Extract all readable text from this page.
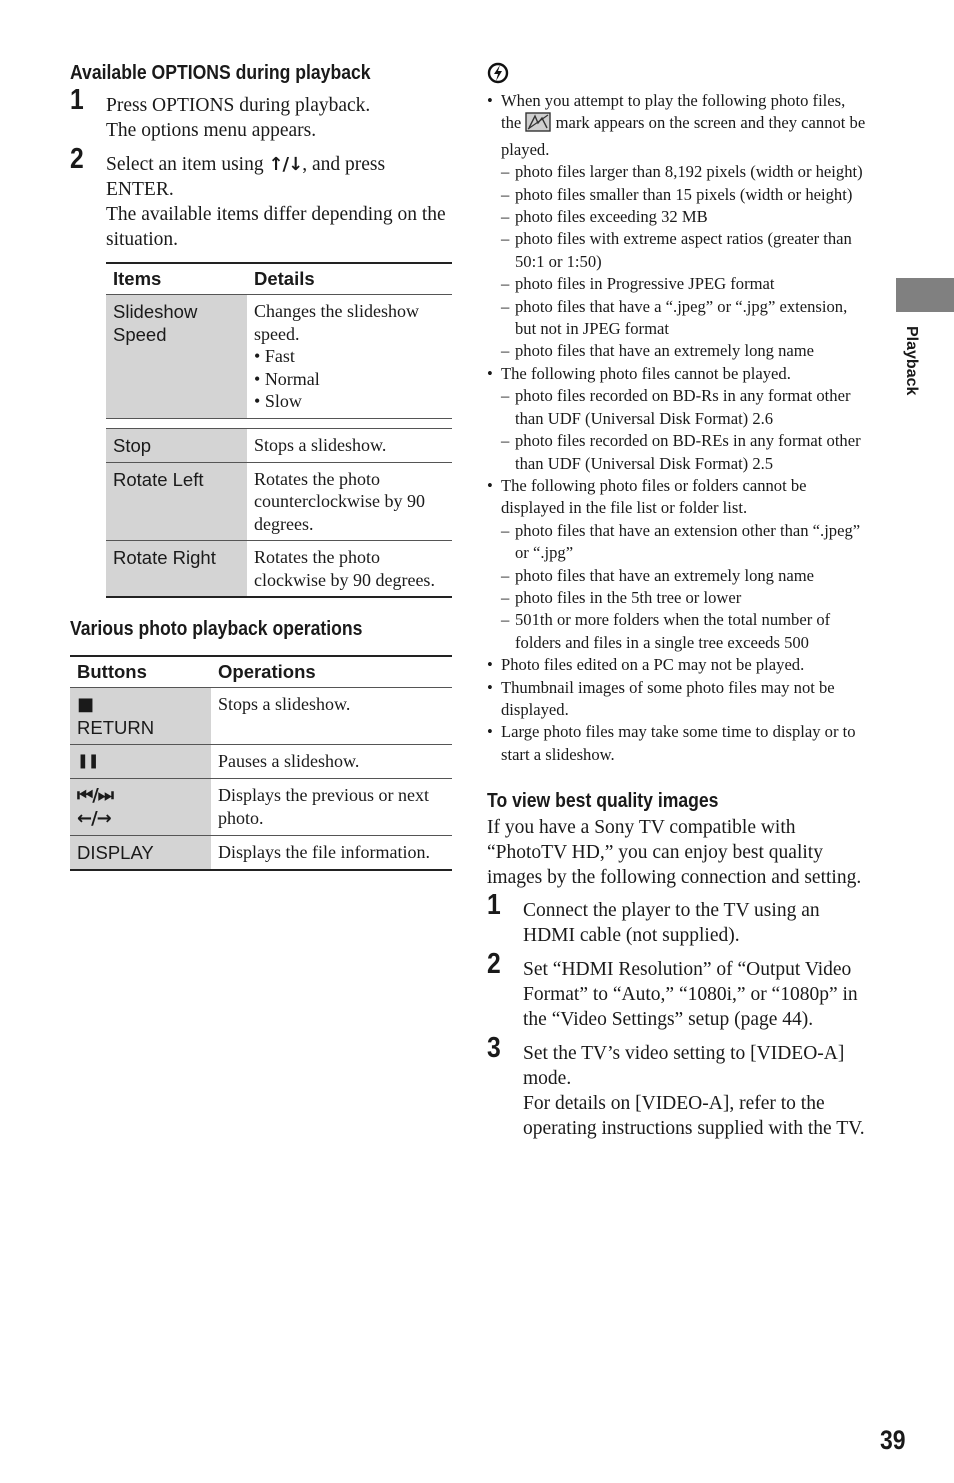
Available OPTIONS during playback
1 Press OPTIONS during playback.

The options menu appears.

2 Select an item using ↑/↓, and press ENTER.

The available items differ depending on the situation.

Items	Details
Slideshow Speed	Changes the slideshow speed.
• Fast
• Normal
• Slow

Stop	Stops a slideshow.
Rotate Left	Rotates the photo counterclockwise by 90 degrees.
Rotate Right	Rotates the photo clockwise by 90 degrees.
Various photo playback operations
Buttons	Operations

■
RETURN	Stops a slideshow.

❚❚	Pauses a slideshow.

⏮/⏭
←/→	Displays the previous or next photo.

DISPLAY	Displays the file information.
• When you attempt to play the following photo files, the mark appears on the screen and they cannot be played.
– photo files larger than 8,192 pixels (width or height)
– photo files smaller than 15 pixels (width or height)
– photo files exceeding 32 MB
– photo files with extreme aspect ratios (greater than 50:1 or 1:50)
– photo files in Progressive JPEG format
– photo files that have a “.jpeg” or “.jpg” extension, but not in JPEG format
– photo files that have an extremely long name
• The following photo files cannot be played.
– photo files recorded on BD-Rs in any format other than UDF (Universal Disk Format) 2.6
– photo files recorded on BD-REs in any format other than UDF (Universal Disk Format) 2.5
• The following photo files or folders cannot be displayed in the file list or folder list.
– photo files that have an extension other than “.jpeg” or “.jpg”
– photo files that have an extremely long name
– photo files in the 5th tree or lower
– 501th or more folders when the total number of folders and files in a single tree exceeds 500
• Photo files edited on a PC may not be played.
• Thumbnail images of some photo files may not be displayed.
• Large photo files may take some time to display or to start a slideshow.
To view best quality images

If you have a Sony TV compatible with “PhotoTV HD,” you can enjoy best quality images by the following connection and setting.

1 Connect the player to the TV using an HDMI cable (not supplied).

2 Set “HDMI Resolution” of “Output Video Format” to “Auto,” “1080i,” or “1080p” in the “Video Settings” setup (page 44).

3 Set the TV’s video setting to [VIDEO-A] mode.

For details on [VIDEO-A], refer to the operating instructions supplied with the TV.

Playback
39
